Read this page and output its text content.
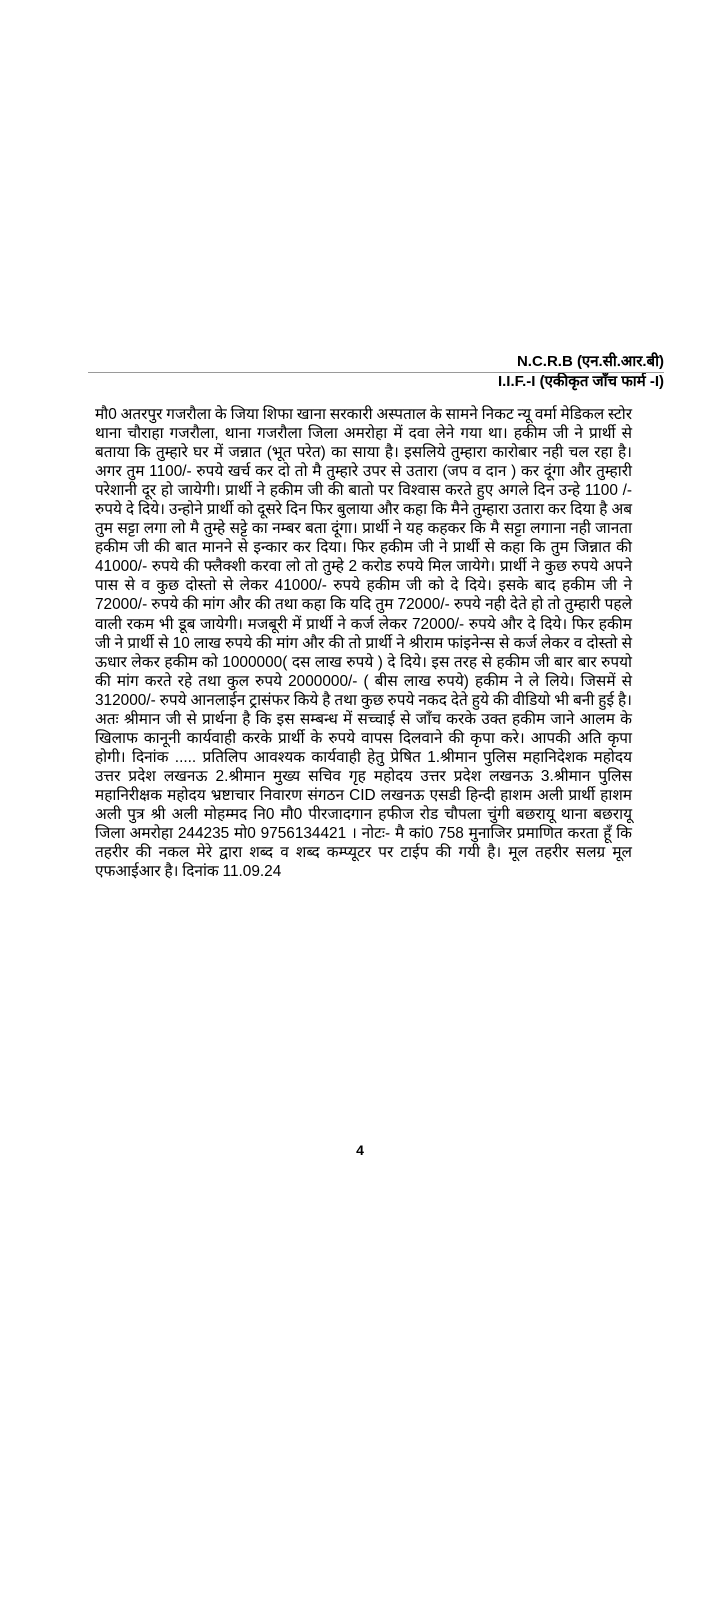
N.C.R.B (एन.सी.आर.बी)
I.I.F.-I (एकीकृत जाँच फार्म -I)

मौ0 अतरपुर गजरौला के जिया शिफा खाना सरकारी अस्पताल के सामने निकट न्यू वर्मा मेडिकल स्टोर थाना चौराहा गजरौला, थाना गजरौला जिला अमरोहा में दवा लेने गया था। हकीम जी ने प्रार्थी से बताया कि तुम्हारे घर में जन्नात (भूत परेत) का साया है। इसलिये तुम्हारा कारोबार नही चल रहा है। अगर तुम 1100/- रुपये खर्च कर दो तो मै तुम्हारे उपर से उतारा (जप व दान ) कर दूंगा और तुम्हारी परेशानी दूर हो जायेगी। प्रार्थी ने हकीम जी की बातो पर विश्वास करते हुए अगले दिन उन्हे 1100 /- रुपये दे दिये। उन्होने प्रार्थी को दूसरे दिन फिर बुलाया और कहा कि मैने तुम्हारा उतारा कर दिया है अब तुम सट्टा लगा लो मै तुम्हे सट्टे का नम्बर बता दूंगा। प्रार्थी ने यह कहकर कि मै सट्टा लगाना नही जानता हकीम जी की बात मानने से इन्कार कर दिया। फिर हकीम जी ने प्रार्थी से कहा कि तुम जिन्नात की 41000/- रुपये की फ्लैक्शी करवा लो तो तुम्हे 2 करोड रुपये मिल जायेगे। प्रार्थी ने कुछ रुपये अपने पास से व कुछ दोस्तो से लेकर 41000/- रुपये हकीम जी को दे दिये। इसके बाद हकीम जी ने 72000/- रुपये की मांग और की तथा कहा कि यदि तुम 72000/- रुपये नही देते हो तो तुम्हारी पहले वाली रकम भी डूब जायेगी। मजबूरी में प्रार्थी ने कर्ज लेकर 72000/- रुपये और दे दिये। फिर हकीम जी ने प्रार्थी से 10 लाख रुपये की मांग और की तो प्रार्थी ने श्रीराम फांइनेन्स से कर्ज लेकर व दोस्तो से ऊधार लेकर हकीम को 1000000( दस लाख रुपये ) दे दिये। इस तरह से हकीम जी बार बार रुपयो की मांग करते रहे तथा कुल रुपये 2000000/- ( बीस लाख रुपये) हकीम ने ले लिये। जिसमें से 312000/- रुपये आनलाईन ट्रासंफर किये है तथा कुछ रुपये नकद देते हुये की वीडियो भी बनी हुई है। अतः श्रीमान जी से प्रार्थना है कि इस सम्बन्ध में सच्चाई से जाँच करके उक्त हकीम जाने आलम के खिलाफ कानूनी कार्यवाही करके प्रार्थी के रुपये वापस दिलवाने की कृपा करे। आपकी अति कृपा होगी। दिनांक ..... प्रतिलिप आवश्यक कार्यवाही हेतु प्रेषित 1.श्रीमान पुलिस महानिदेशक महोदय उत्तर प्रदेश लखनऊ 2.श्रीमान मुख्य सचिव गृह महोदय उत्तर प्रदेश लखनऊ 3.श्रीमान पुलिस महानिरीक्षक महोदय भ्रष्टाचार निवारण संगठन CID लखनऊ एसडी हिन्दी हाशम अली प्रार्थी हाशम अली पुत्र श्री अली मोहम्मद नि0 मौ0 पीरजादगान हफीज रोड चौपला चुंगी बछरायू थाना बछरायू जिला अमरोहा 244235 मो0 9756134421 । नोटः- मै कां0 758 मुनाजिर प्रमाणित करता हूँ कि तहरीर की नकल मेरे द्वारा शब्द व शब्द कम्प्यूटर पर टाईप की गयी है। मूल तहरीर सलग्र मूल एफआईआर है। दिनांक 11.09.24

4
